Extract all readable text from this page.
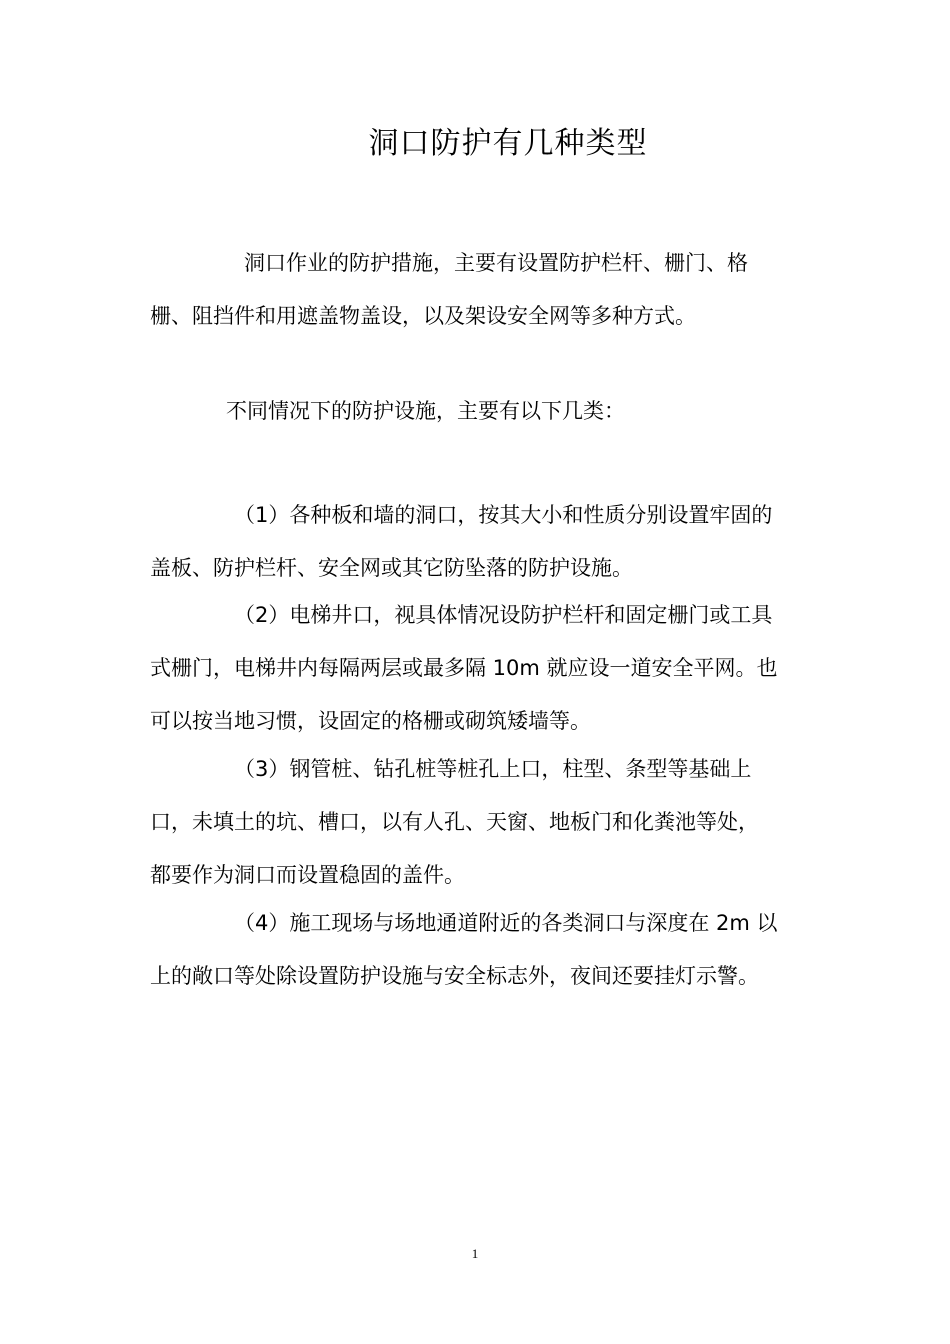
洞口防护有几种类型
洞口作业的防护措施，主要有设置防护栏杆、栅门、格
栅、阻挡件和用遮盖物盖设，以及架设安全网等多种方式。
不同情况下的防护设施，主要有以下几类：
（1）各种板和墙的洞口，按其大小和性质分别设置牢固的
盖板、防护栏杆、安全网或其它防坠落的防护设施。
（2）电梯井口，视具体情况设防护栏杆和固定栅门或工具
式栅门，电梯井内每隔两层或最多隔 10m 就应设一道安全平网。也
可以按当地习惯，设固定的格栅或砌筑矮墙等。
（3）钢管桩、钻孔桩等桩孔上口，柱型、条型等基础上
口，未填土的坑、槽口，以有人孔、天窗、地板门和化粪池等处，
都要作为洞口而设置稳固的盖件。
（4）施工现场与场地通道附近的各类洞口与深度在 2m 以
上的敞口等处除设置防护设施与安全标志外，夜间还要挂灯示警。
1
